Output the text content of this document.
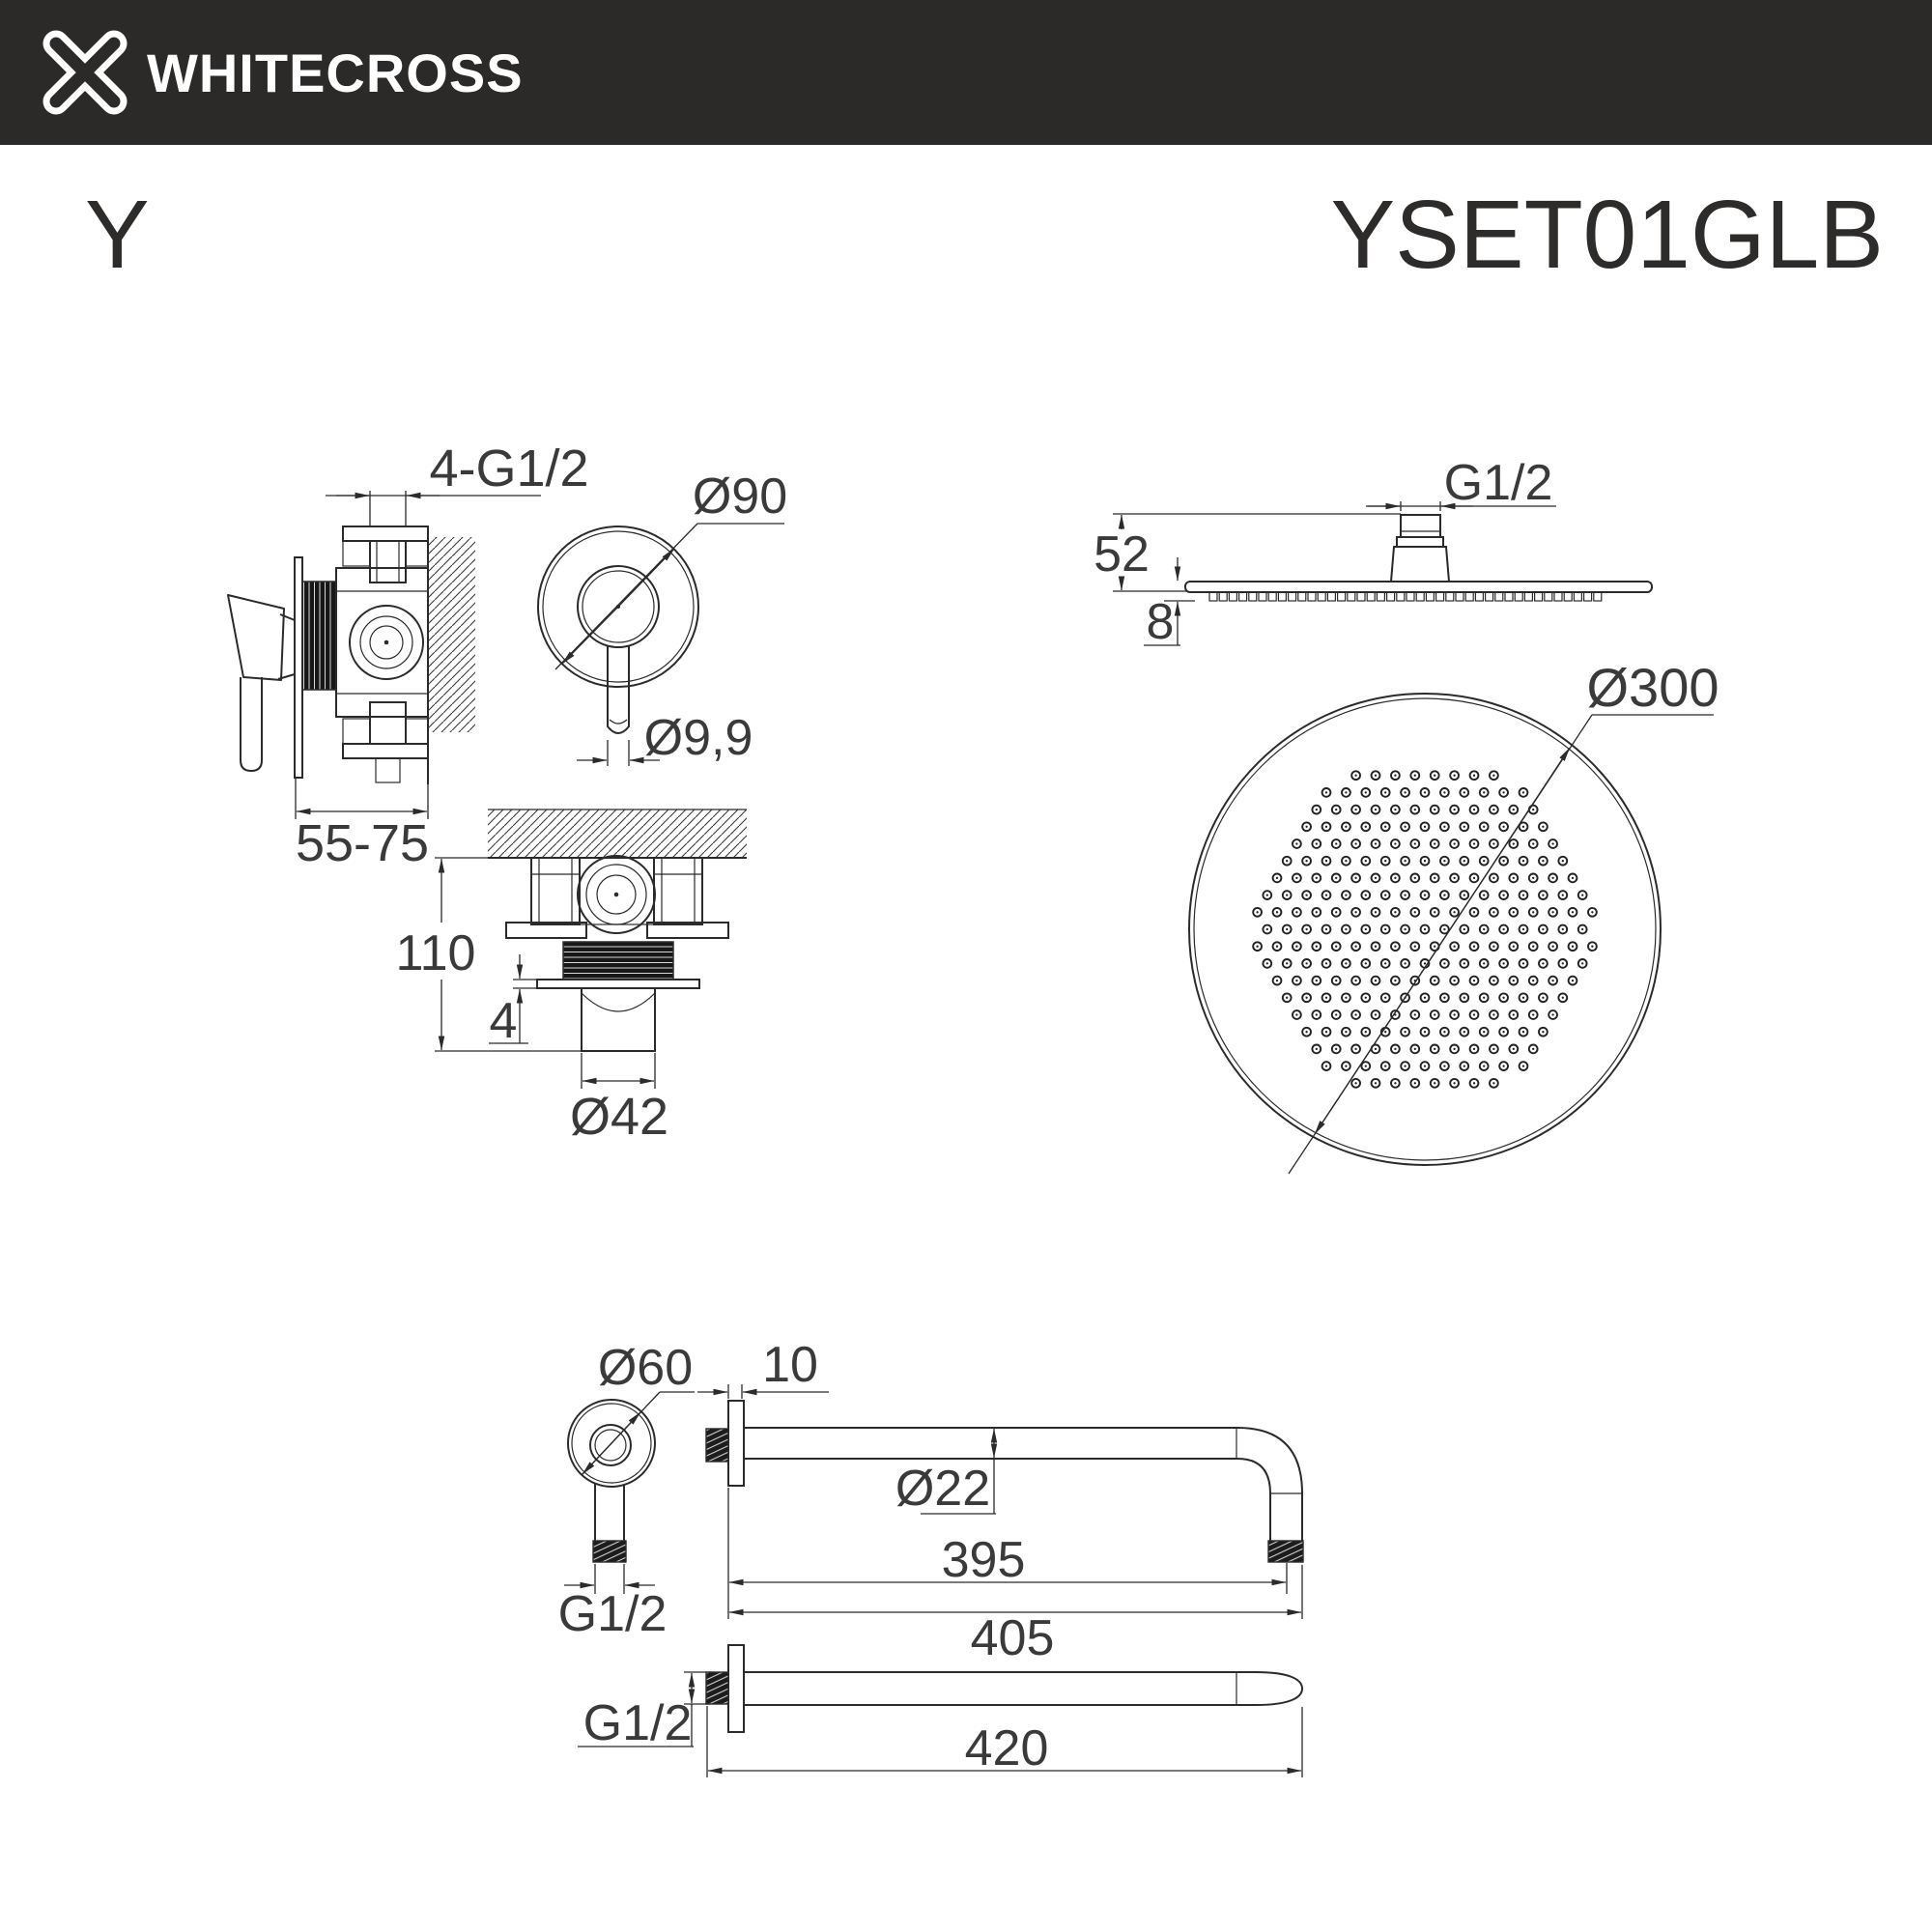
WHITECROSS
Y	YSET01GLB
4-G1/2
55-75
Ø90
Ø9,9
110
4
Ø42
G1/2
52
8
Ø300
Ø60
G1/2
10
Ø22
395
405
G1/2	420
